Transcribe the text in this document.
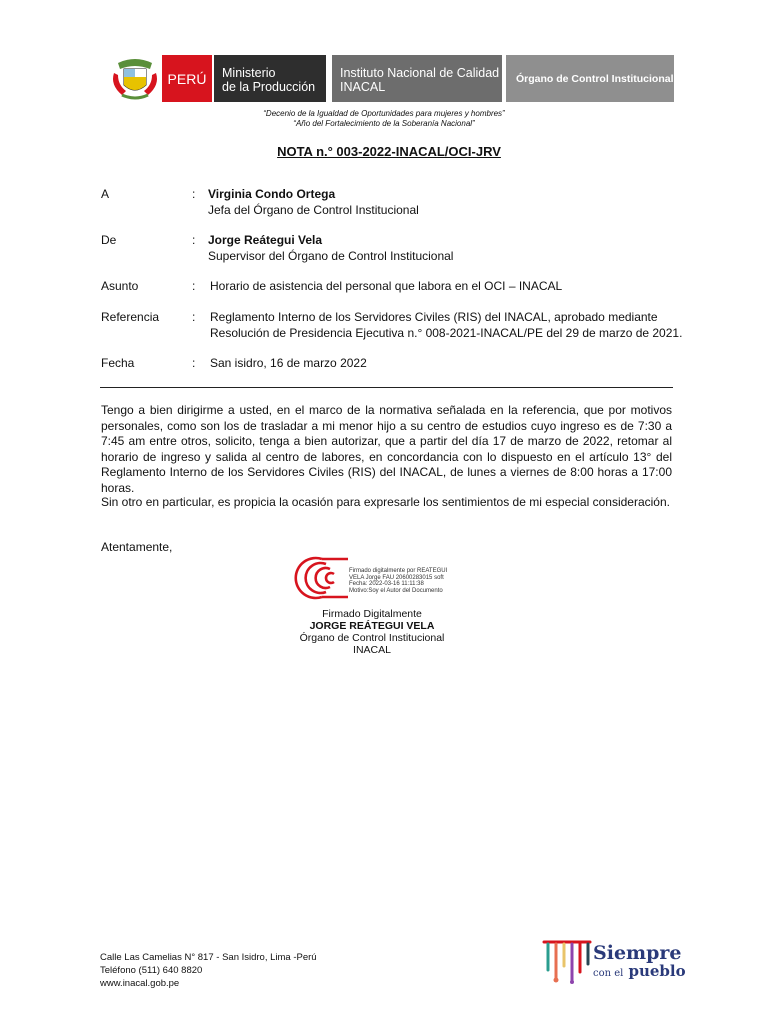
PERÚ	Ministerio
de la Producción
Instituto Nacional de Calidad
INACAL
Órgano de Control Institucional
“Decenio de la Igualdad de Oportunidades para mujeres y hombres”
“Año del Fortalecimiento de la Soberanía Nacional”
NOTA n.° 003-2022-INACAL/OCI-JRV
A	: Virginia Condo Ortega
Jefa del Órgano de Control Institucional
De	: Jorge Reátegui Vela
Supervisor del Órgano de Control Institucional
Asunto	: Horario de asistencia del personal que labora en el OCI – INACAL
Referencia	: Reglamento Interno de los Servidores Civiles (RIS) del INACAL, aprobado mediante
Resolución de Presidencia Ejecutiva n.° 008-2021-INACAL/PE del 29 de marzo de 2021.
Fecha	: San isidro, 16 de marzo 2022
Tengo a bien dirigirme a usted, en el marco de la normativa señalada en la referencia, que por motivos personales, como son los de trasladar a mi menor hijo a su centro de estudios cuyo ingreso es de 7:30 a 7:45 am entre otros, solicito, tenga a bien autorizar, que a partir del día 17 de marzo de 2022, retomar al horario de ingreso y salida al centro de labores, en concordancia con lo dispuesto en el artículo 13° del Reglamento Interno de los Servidores Civiles (RIS) del INACAL, de lunes a viernes de 8:00 horas a 17:00 horas.
Sin otro en particular, es propicia la ocasión para expresarle los sentimientos de mi especial consideración.
Atentamente,
Firmado digitalmente por REATEGUI
VELA Jorge FAU 20600283015 soft
Fecha: 2022-03-16 11:11:38
Motivo:Soy el Autor del Documento
Firmado Digitalmente
JORGE REÁTEGUI VELA
Órgano de Control Institucional
INACAL
Calle Las Camelias N° 817 - San Isidro, Lima -Perú
Teléfono (511) 640 8820
www.inacal.gob.pe
Siempre
con el pueblo
